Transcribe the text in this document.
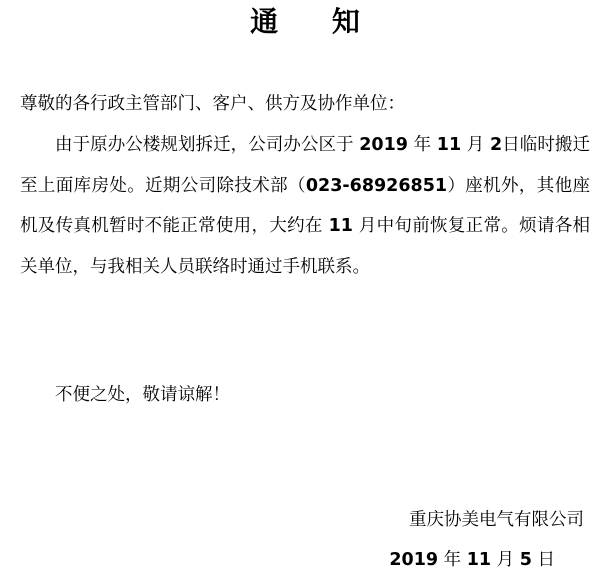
通 知
尊敬的各行政主管部门、客户、供方及协作单位：
由于原办公楼规划拆迁，公司办公区于 2019 年 11 月 2日临时搬迁至上面库房处。近期公司除技术部（023-68926851）座机外，其他座机及传真机暂时不能正常使用，大约在 11 月中旬前恢复正常。烦请各相关单位，与我相关人员联络时通过手机联系。
不便之处，敬请谅解！
重庆协美电气有限公司
2019 年 11 月 5 日
